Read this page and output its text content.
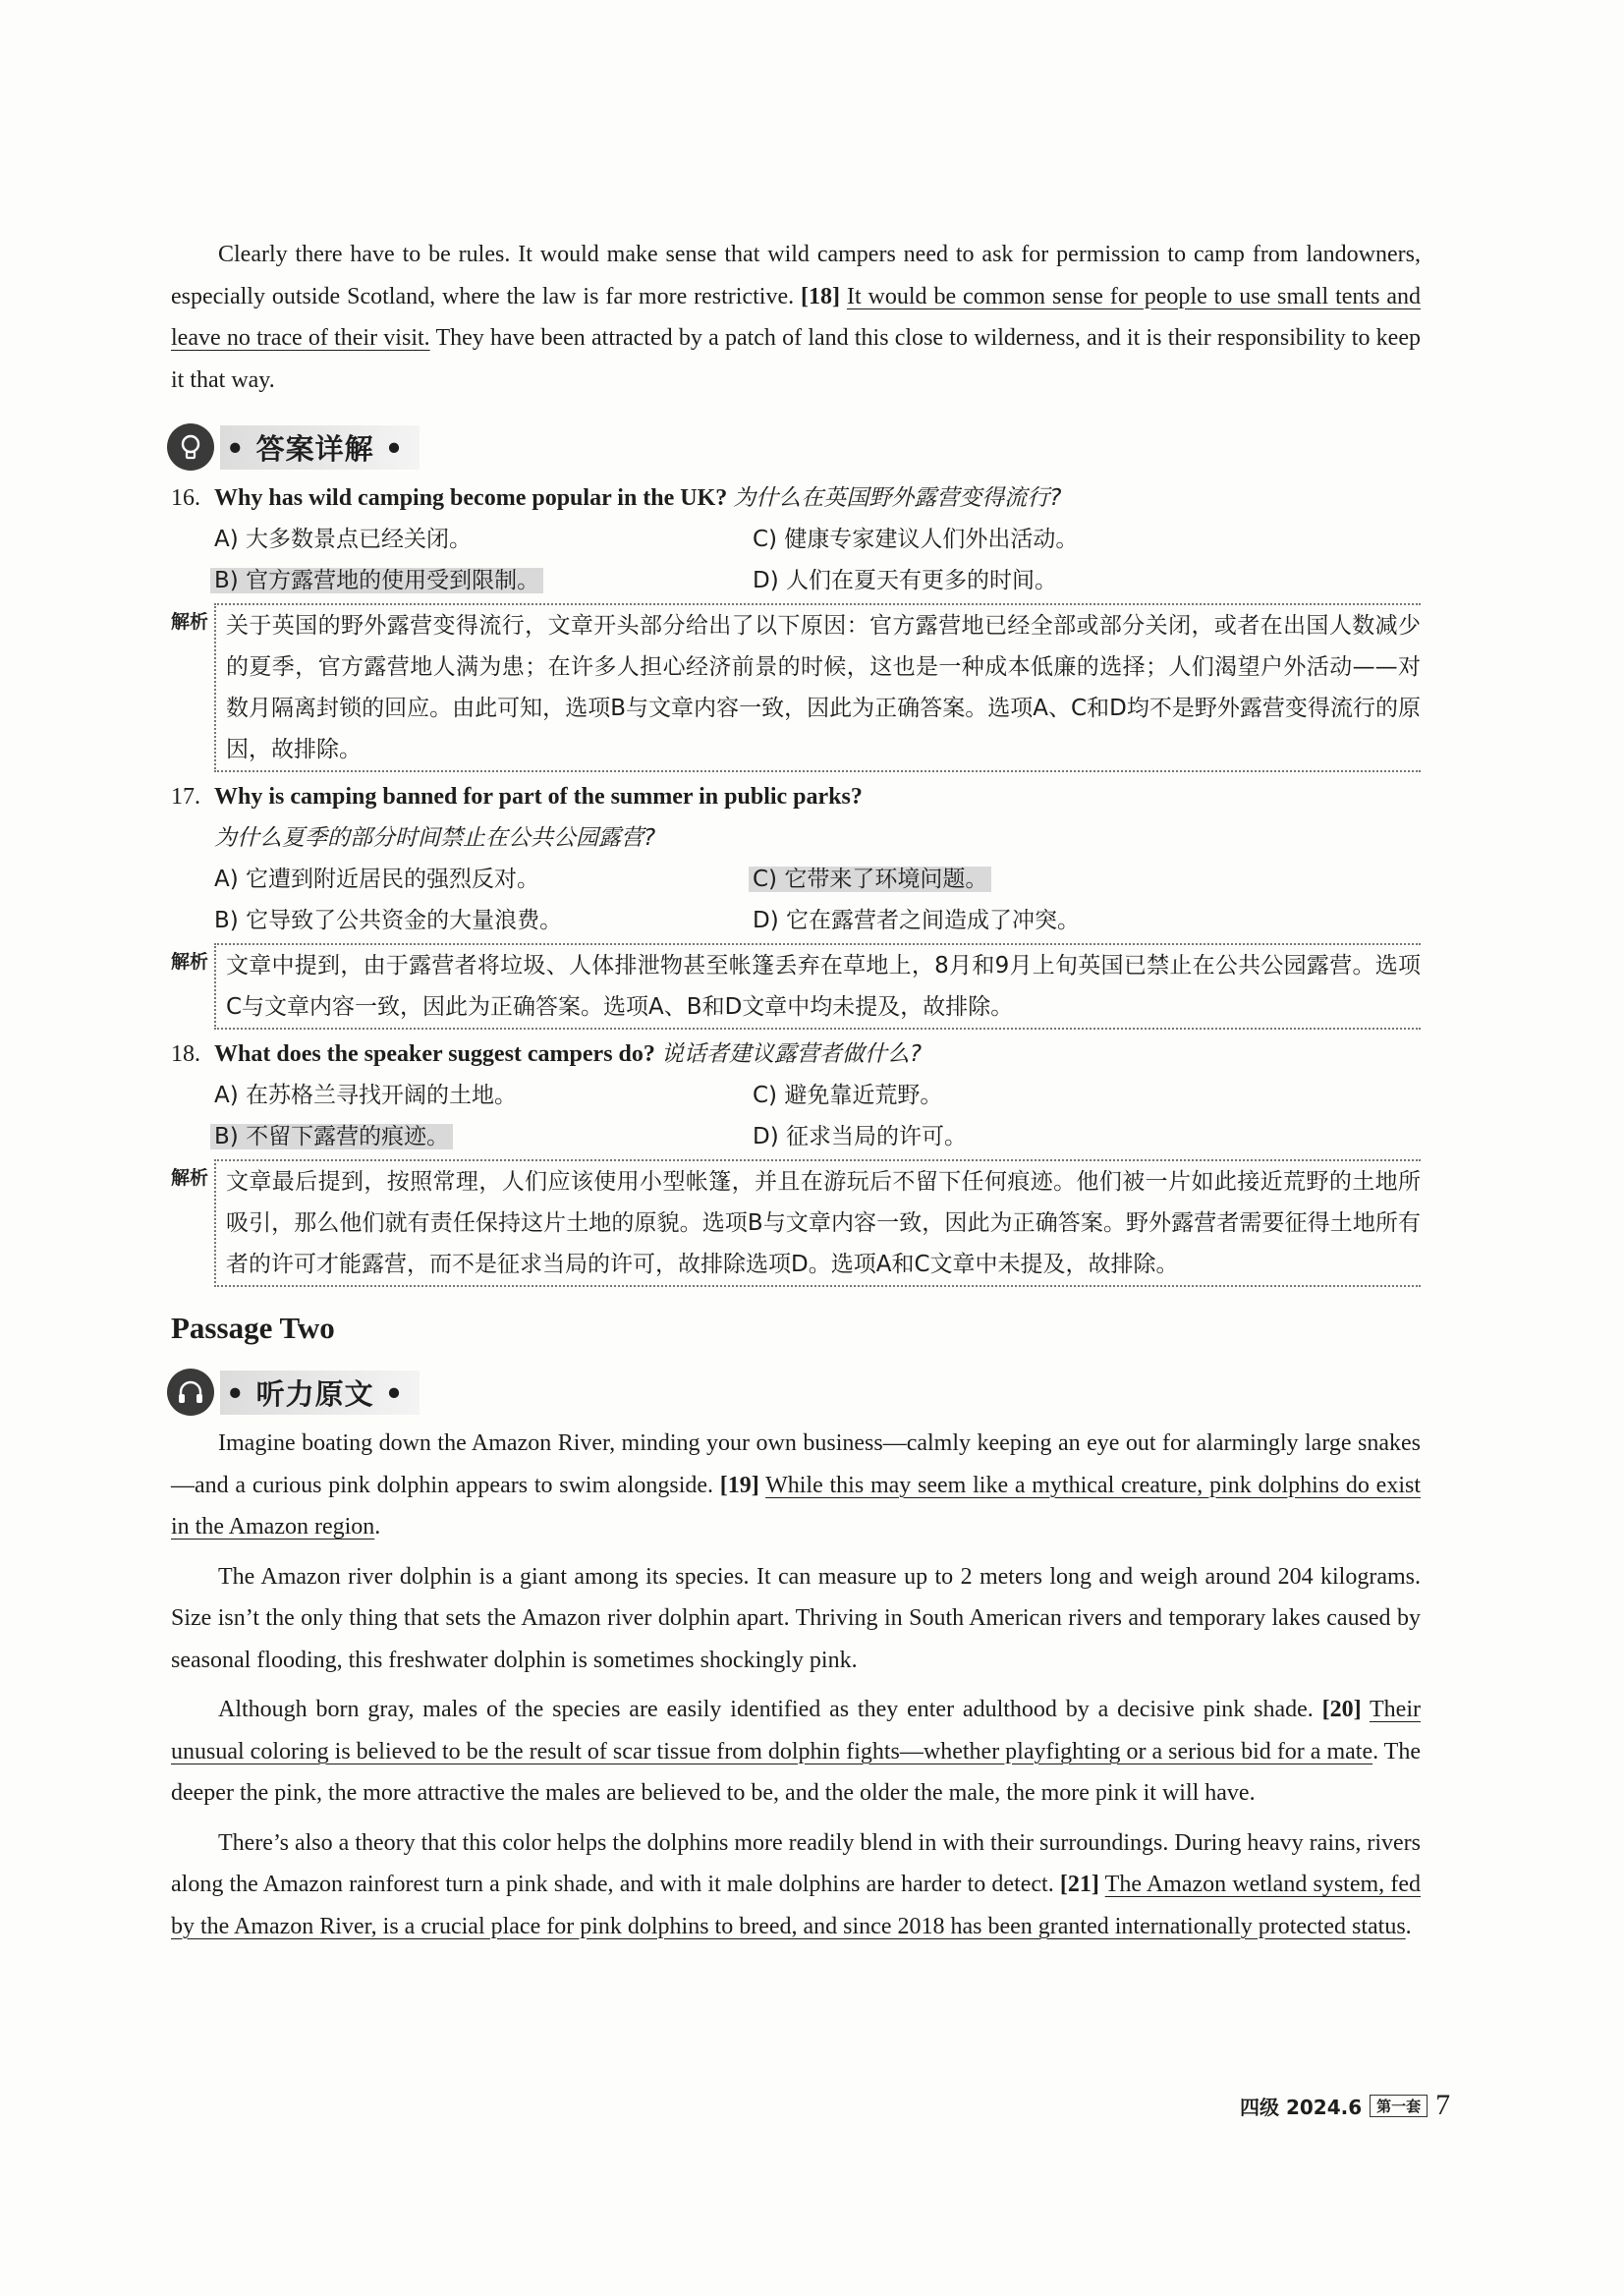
Clearly there have to be rules. It would make sense that wild campers need to ask for permission to camp from landowners, especially outside Scotland, where the law is far more restrictive. [18] It would be common sense for people to use small tents and leave no trace of their visit. They have been attracted by a patch of land this close to wilderness, and it is their responsibility to keep it that way.

• 答案详解 •
16. Why has wild camping become popular in the UK? 为什么在英国野外露营变得流行?
A) 大多数景点已经关闭。	C) 健康专家建议人们外出活动。
B) 官方露营地的使用受到限制。	D) 人们在夏天有更多的时间。
解析 关于英国的野外露营变得流行，文章开头部分给出了以下原因：官方露营地已经全部或部分关闭，或者在出国人数减少的夏季，官方露营地人满为患；在许多人担心经济前景的时候，这也是一种成本低廉的选择；人们渴望户外活动——对数月隔离封锁的回应。由此可知，选项B与文章内容一致，因此为正确答案。选项A、C和D均不是野外露营变得流行的原因，故排除。
17. Why is camping banned for part of the summer in public parks?
为什么夏季的部分时间禁止在公共公园露营?
A) 它遭到附近居民的强烈反对。	C) 它带来了环境问题。
B) 它导致了公共资金的大量浪费。	D) 它在露营者之间造成了冲突。
解析 文章中提到，由于露营者将垃圾、人体排泄物甚至帐篷丢弃在草地上，8月和9月上旬英国已禁止在公共公园露营。选项C与文章内容一致，因此为正确答案。选项A、B和D文章中均未提及，故排除。
18. What does the speaker suggest campers do? 说话者建议露营者做什么?
A) 在苏格兰寻找开阔的土地。	C) 避免靠近荒野。
B) 不留下露营的痕迹。	D) 征求当局的许可。
解析 文章最后提到，按照常理，人们应该使用小型帐篷，并且在游玩后不留下任何痕迹。他们被一片如此接近荒野的土地所吸引，那么他们就有责任保持这片土地的原貌。选项B与文章内容一致，因此为正确答案。野外露营者需要征得土地所有者的许可才能露营，而不是征求当局的许可，故排除选项D。选项A和C文章中未提及，故排除。
Passage Two
• 听力原文 •

Imagine boating down the Amazon River, minding your own business—calmly keeping an eye out for alarmingly large snakes—and a curious pink dolphin appears to swim alongside. [19] While this may seem like a mythical creature, pink dolphins do exist in the Amazon region.

The Amazon river dolphin is a giant among its species. It can measure up to 2 meters long and weigh around 204 kilograms. Size isn’t the only thing that sets the Amazon river dolphin apart. Thriving in South American rivers and temporary lakes caused by seasonal flooding, this freshwater dolphin is sometimes shockingly pink.

Although born gray, males of the species are easily identified as they enter adulthood by a decisive pink shade. [20] Their unusual coloring is believed to be the result of scar tissue from dolphin fights—whether playfighting or a serious bid for a mate. The deeper the pink, the more attractive the males are believed to be, and the older the male, the more pink it will have.

There’s also a theory that this color helps the dolphins more readily blend in with their surroundings. During heavy rains, rivers along the Amazon rainforest turn a pink shade, and with it male dolphins are harder to detect. [21] The Amazon wetland system, fed by the Amazon River, is a crucial place for pink dolphins to breed, and since 2018 has been granted internationally protected status.

四级 2024.6	第一套 7
